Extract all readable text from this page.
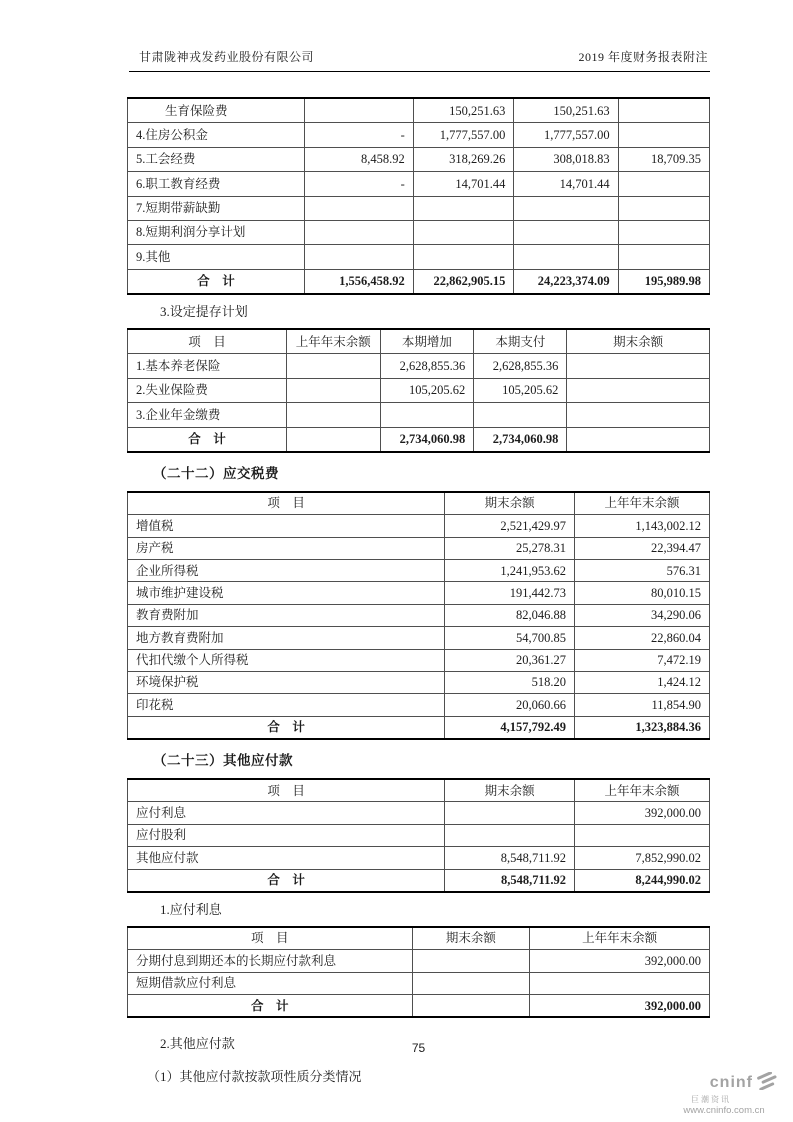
甘肃陇神戎发药业股份有限公司	2019 年度财务报表附注
生育保险费		150,251.63	150,251.63	
4.住房公积金	-	1,777,557.00	1,777,557.00	
5.工会经费	8,458.92	318,269.26	308,018.83	18,709.35
6.职工教育经费	-	14,701.44	14,701.44	
7.短期带薪缺勤				
8.短期利润分享计划				
9.其他				
合　计	1,556,458.92	22,862,905.15	24,223,374.09	195,989.98
3.设定提存计划
项　目	上年年末余额	本期增加	本期支付	期末余额
1.基本养老保险		2,628,855.36	2,628,855.36	
2.失业保险费		105,205.62	105,205.62	
3.企业年金缴费				
合　计		2,734,060.98	2,734,060.98	
（二十二）应交税费
项　目	期末余额	上年年末余额
增值税	2,521,429.97	1,143,002.12
房产税	25,278.31	22,394.47
企业所得税	1,241,953.62	576.31
城市维护建设税	191,442.73	80,010.15
教育费附加	82,046.88	34,290.06
地方教育费附加	54,700.85	22,860.04
代扣代缴个人所得税	20,361.27	7,472.19
环境保护税	518.20	1,424.12
印花税	20,060.66	11,854.90
合　计	4,157,792.49	1,323,884.36
（二十三）其他应付款
项　目	期末余额	上年年末余额
应付利息		392,000.00
应付股利		
其他应付款	8,548,711.92	7,852,990.02
合　计	8,548,711.92	8,244,990.02
1.应付利息
项　目	期末余额	上年年末余额
分期付息到期还本的长期应付款利息		392,000.00
短期借款应付利息		
合　计		392,000.00
2.其他应付款
（1）其他应付款按款项性质分类情况
75
cninf
巨潮资讯
www.cninfo.com.cn
